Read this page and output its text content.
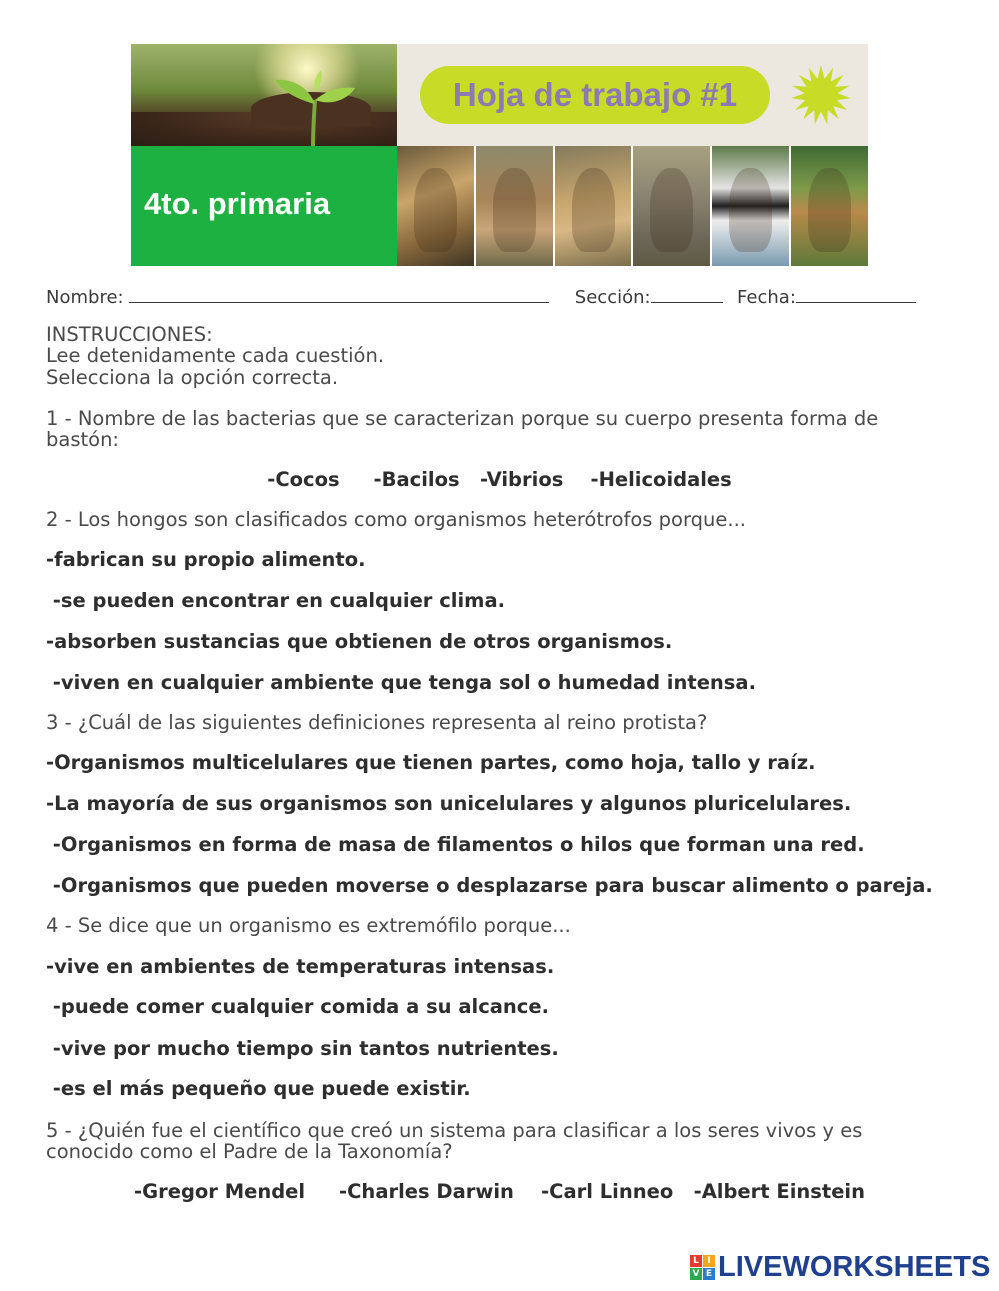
4to. primaria
Hoja de trabajo #1
Nombre:	Sección:	Fecha:
INSTRUCCIONES:
Lee detenidamente cada cuestión.
Selecciona la opción correcta.
1 - Nombre de las bacterias que se caracterizan porque su cuerpo presenta forma de
bastón:
-Cocos     -Bacilos   -Vibrios    -Helicoidales
2 - Los hongos son clasificados como organismos heterótrofos porque...
-fabrican su propio alimento.
-se pueden encontrar en cualquier clima.
-absorben sustancias que obtienen de otros organismos.
-viven en cualquier ambiente que tenga sol o humedad intensa.
3 - ¿Cuál de las siguientes definiciones representa al reino protista?
-Organismos multicelulares que tienen partes, como hoja, tallo y raíz.
-La mayoría de sus organismos son unicelulares y algunos pluricelulares.
-Organismos en forma de masa de filamentos o hilos que forman una red.
-Organismos que pueden moverse o desplazarse para buscar alimento o pareja.
4 - Se dice que un organismo es extremófilo porque...
-vive en ambientes de temperaturas intensas.
-puede comer cualquier comida a su alcance.
-vive por mucho tiempo sin tantos nutrientes.
-es el más pequeño que puede existir.
5 - ¿Quién fue el científico que creó un sistema para clasificar a los seres vivos y es
conocido como el Padre de la Taxonomía?
-Gregor Mendel     -Charles Darwin    -Carl Linneo   -Albert Einstein
L I
V E LIVEWORKSHEETS
